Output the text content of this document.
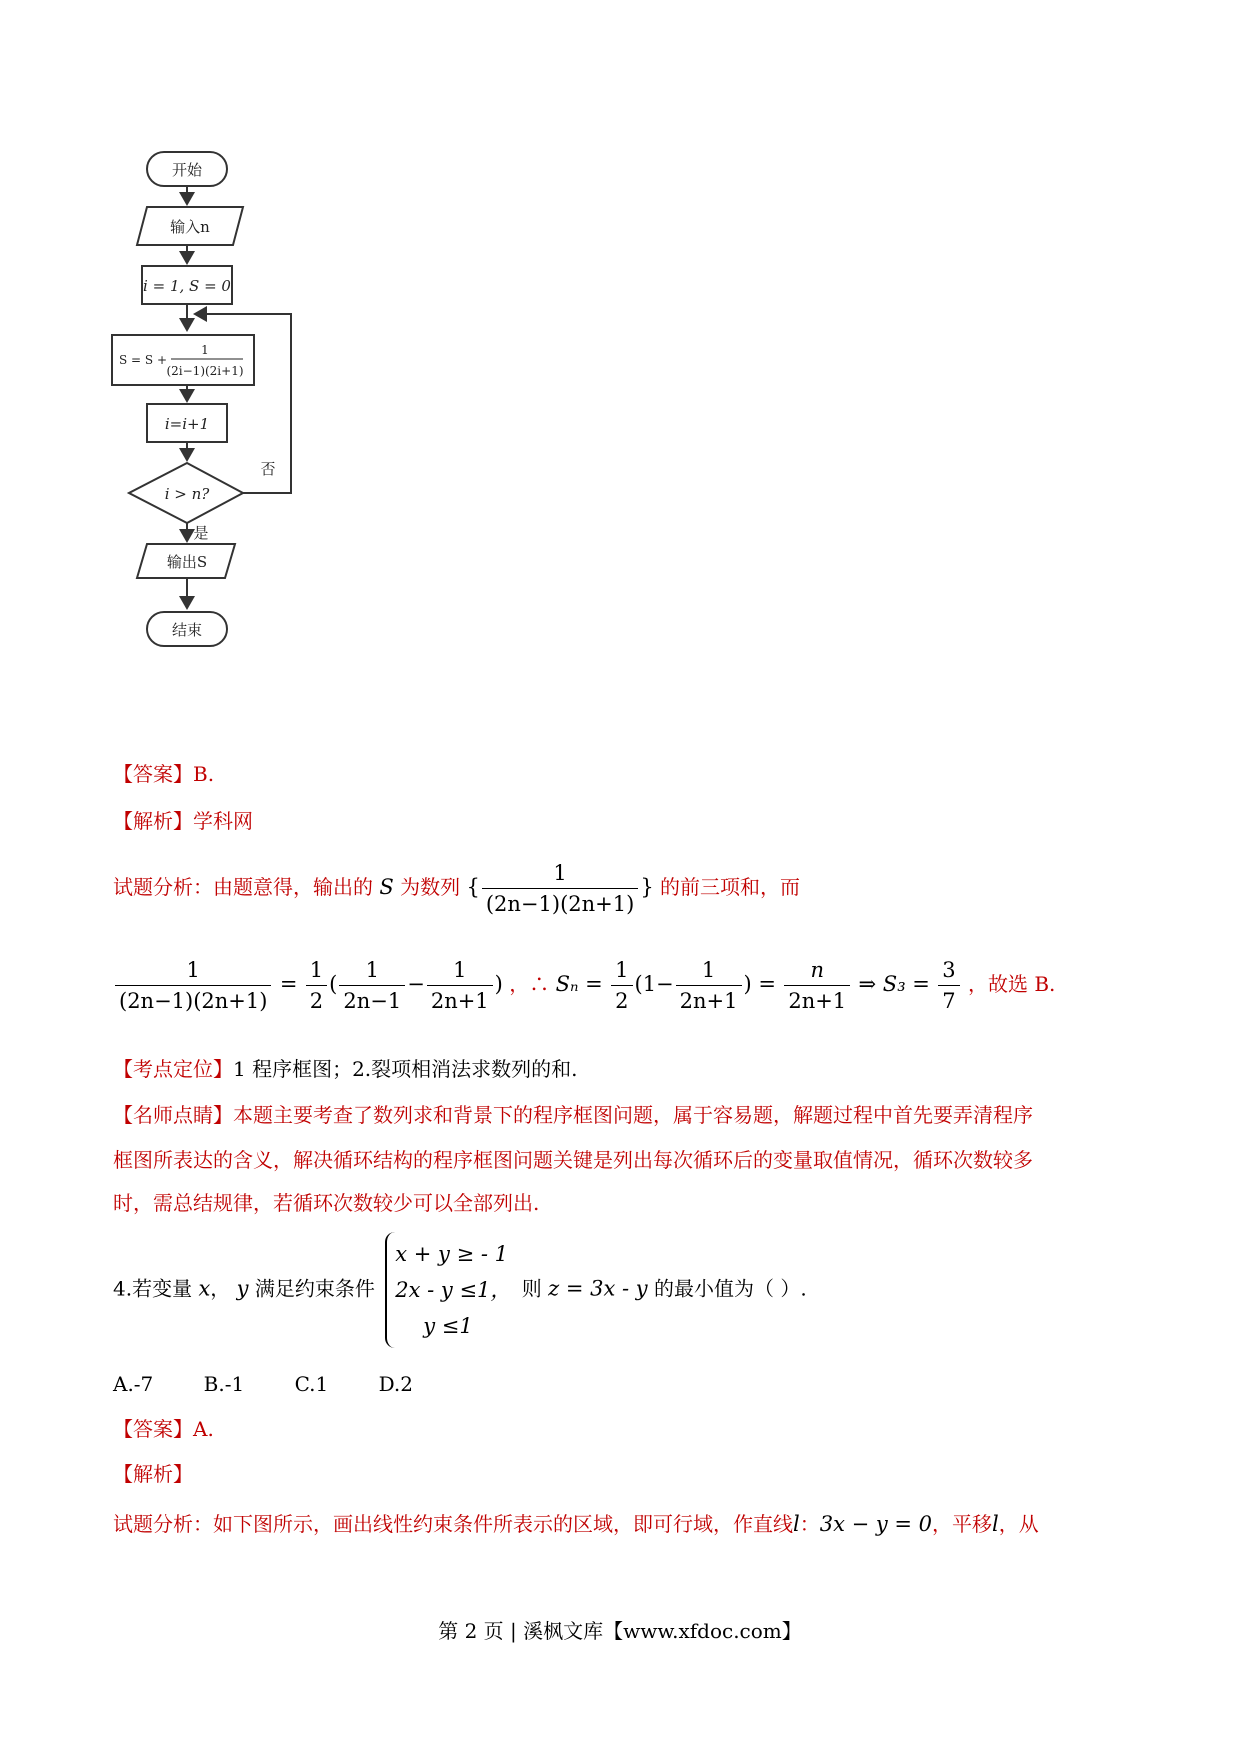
开始
输入n
i = 1, S = 0
S = S +
1
(2i−1)(2i+1)
i=i+1
i > n?
否
是
输出S
结束
【答案】B.
【解析】学科网
试题分析：由题意得，输出的 S 为数列 { $\frac{1}{(2n-1)(2n+1)}$ } 的前三项和，而
$\frac{1}{(2n-1)(2n+1)} = \frac{1}{2}$ ( $\frac{1}{2n-1} - \frac{1}{2n+1}$ ) ，∴ $S_n = \frac{1}{2} (1- \frac{1}{2n+1}$ ) = $\frac{n}{2n+1}$ ⇒ $S_3 = \frac{3}{7}$ ，故选 B.
【考点定位】1 程序框图；2.裂项相消法求数列的和.
【名师点睛】本题主要考查了数列求和背景下的程序框图问题，属于容易题，解题过程中首先要弄清程序
框图所表达的含义，解决循环结构的程序框图问题关键是列出每次循环后的变量取值情况，循环次数较多
时，需总结规律，若循环次数较少可以全部列出.
4.若变量 x， y 满足约束条件
x + y ≥ - 1
2x - y ≤1，
y ≤1
则 z = 3x - y 的最小值为（ ）.
A.-7	B.-1	C.1	D.2
【答案】A.
【解析】
试题分析：如下图所示，画出线性约束条件所表示的区域，即可行域，作直线l：3x − y = 0，平移l，从
第 2 页 | 溪枫文库【www.xfdoc.com】
